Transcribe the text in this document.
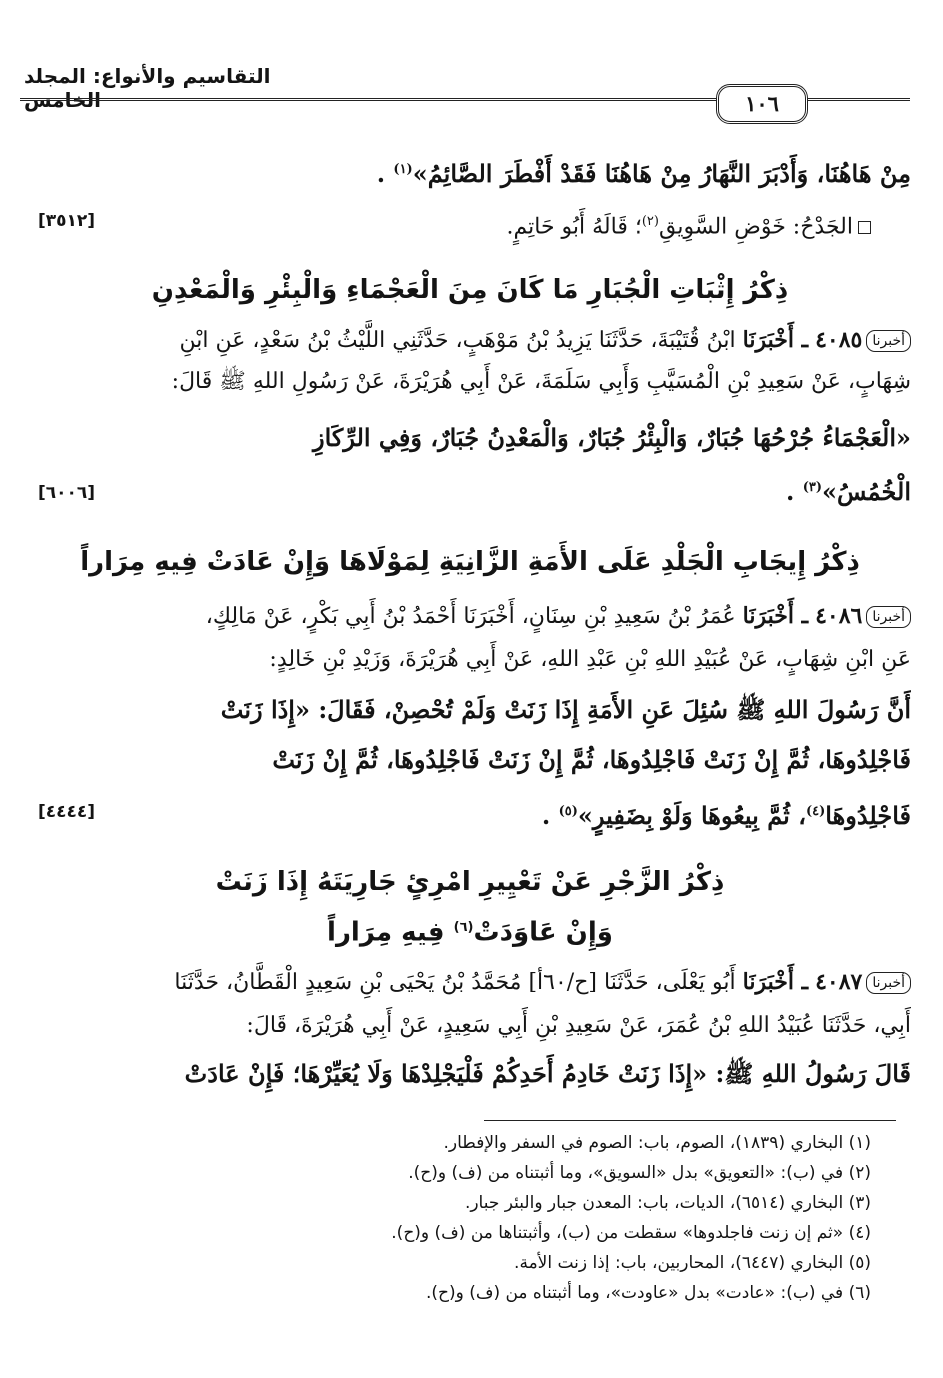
التقاسيم والأنواع: المجلد الخامس	١٠٦
مِنْ هَاهُنَا، وَأَدْبَرَ النَّهَارُ مِنْ هَاهُنَا فَقَدْ أَفْطَرَ الصَّائِمُ»$^{(١)}$ .
الجَدْحُ: خَوْضِ السَّوِيقِ$^{(٢)}$؛ قَالَهُ أَبُو حَاتِمٍ.
[٣٥١٢]
ذِكْرُ إِثْبَاتِ الْجُبَارِ مَا كَانَ مِنَ الْعَجْمَاءِ وَالْبِئْرِ وَالْمَعْدِنِ
أخبرنا٤٠٨٥ ـ أَخْبَرَنَا ابْنُ قُتَيْبَةَ، حَدَّثَنَا يَزِيدُ بْنُ مَوْهَبٍ، حَدَّثَنِي اللَّيْثُ بْنُ سَعْدٍ، عَنِ ابْنِ
شِهَابٍ، عَنْ سَعِيدِ بْنِ الْمُسَيَّبِ وَأَبِي سَلَمَةَ، عَنْ أَبِي هُرَيْرَةَ، عَنْ رَسُولِ اللهِ ﷺ قَالَ:
«الْعَجْمَاءُ جُرْحُهَا جُبَارٌ، وَالْبِئْرُ جُبَارٌ، وَالْمَعْدِنُ جُبَارٌ، وَفِي الرِّكَازِ
الْخُمُسُ»$^{(٣)}$ .
[٦٠٠٦]
ذِكْرُ إِيجَابِ الْجَلْدِ عَلَى الأَمَةِ الزَّانِيَةِ لِمَوْلَاهَا وَإِنْ عَادَتْ فِيهِ مِرَاراً
أخبرنا٤٠٨٦ ـ أَخْبَرَنَا عُمَرُ بْنُ سَعِيدِ بْنِ سِنَانٍ، أَخْبَرَنَا أَحْمَدُ بْنُ أَبِي بَكْرٍ، عَنْ مَالِكٍ،
عَنِ ابْنِ شِهَابٍ، عَنْ عُبَيْدِ اللهِ بْنِ عَبْدِ اللهِ، عَنْ أَبِي هُرَيْرَةَ، وَزَيْدِ بْنِ خَالِدٍ:
أَنَّ رَسُولَ اللهِ ﷺ سُئِلَ عَنِ الأَمَةِ إِذَا زَنَتْ وَلَمْ تُحْصِنْ، فَقَالَ: «إِذَا زَنَتْ
فَاجْلِدُوهَا، ثُمَّ إِنْ زَنَتْ فَاجْلِدُوهَا، ثُمَّ إِنْ زَنَتْ فَاجْلِدُوهَا، ثُمَّ إِنْ زَنَتْ
فَاجْلِدُوهَا$^{(٤)}$، ثُمَّ بِيعُوهَا وَلَوْ بِضَفِيرٍ»$^{(٥)}$ .
[٤٤٤٤]
ذِكْرُ الزَّجْرِ عَنْ تَعْيِيرِ امْرِئٍ جَارِيَتَهُ إِذَا زَنَتْ
وَإِنْ عَاوَدَتْ$^{(٦)}$ فِيهِ مِرَاراً
أخبرنا٤٠٨٧ ـ أَخْبَرَنَا أَبُو يَعْلَى، حَدَّثَنَا [ح/٦٠أ] مُحَمَّدُ بْنُ يَحْيَى بْنِ سَعِيدٍ الْقَطَّانُ، حَدَّثَنَا
أَبِي، حَدَّثَنَا عُبَيْدُ اللهِ بْنُ عُمَرَ، عَنْ سَعِيدِ بْنِ أَبِي سَعِيدٍ، عَنْ أَبِي هُرَيْرَةَ، قَالَ:
قَالَ رَسُولُ اللهِ ﷺ: «إِذَا زَنَتْ خَادِمُ أَحَدِكُمْ فَلْيَجْلِدْهَا وَلَا يُعَيِّرْهَا؛ فَإِنْ عَادَتْ
(١) البخاري (١٨٣٩)، الصوم، باب: الصوم في السفر والإفطار.
(٢) في (ب): «التعويق» بدل «السويق»، وما أثبتناه من (ف) و(ح).
(٣) البخاري (٦٥١٤)، الديات، باب: المعدن جبار والبئر جبار.
(٤) «ثم إن زنت فاجلدوها» سقطت من (ب)، وأثبتناها من (ف) و(ح).
(٥) البخاري (٦٤٤٧)، المحاربين، باب: إذا زنت الأمة.
(٦) في (ب): «عادت» بدل «عاودت»، وما أثبتناه من (ف) و(ح).
